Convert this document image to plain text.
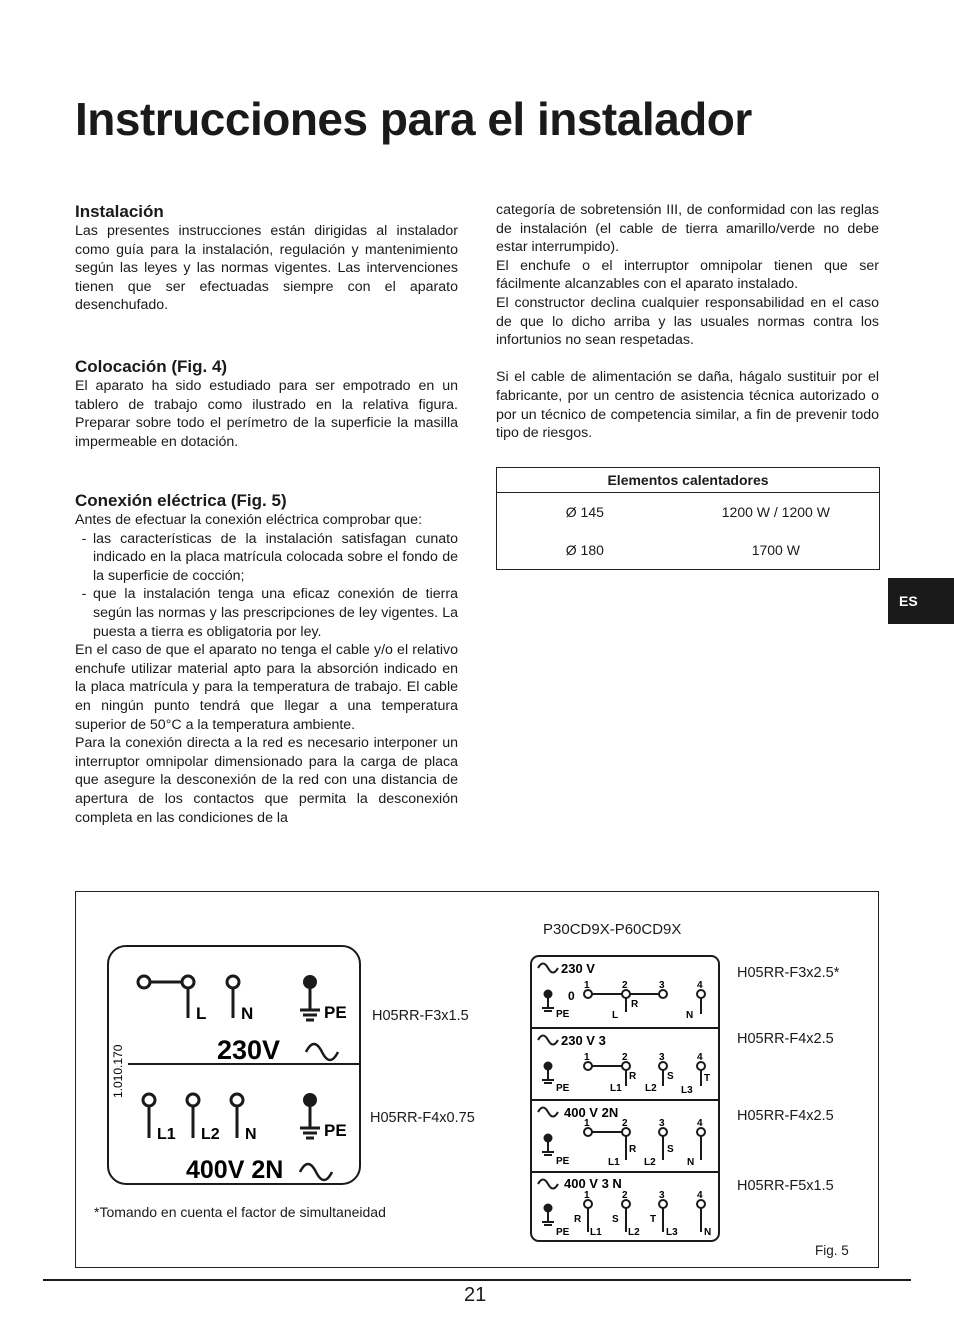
Instrucciones para el instalador
Instalación

Las presentes instrucciones están dirigidas al instalador como guía para la instalación, regulación y mantenimiento según las leyes y las normas vigentes. Las intervenciones tienen que ser efectuadas siempre con el aparato desenchufado.

Colocación (Fig. 4)

El aparato ha sido estudiado para ser empotrado en un tablero de trabajo como ilustrado en la relativa figura. Preparar sobre todo el perímetro de la superficie la masilla impermeable en dotación.

Conexión eléctrica (Fig. 5)

Antes de efectuar la conexión eléctrica comprobar que:

- las características de la instalación satisfagan cunato indicado en la placa matrícula colocada sobre el fondo de la superficie de cocción;
- que la instalación tenga una eficaz conexión de tierra según las normas y las prescripciones de ley vigentes. La puesta a tierra es obligatoria por ley.

En el caso de que el aparato no tenga el cable y/o el relativo enchufe utilizar material apto para la absorción indicado en la placa matrícula y para la temperatura de trabajo. El cable en ningún punto tendrá que llegar a una temperatura superior de 50°C a la temperatura ambiente.

Para la conexión directa a la red es necesario interponer un interruptor omnipolar dimensionado para la carga de placa que asegure la desconexión de la red con una distancia de apertura de los contactos que permita la desconexión completa en las condiciones de la

categoría de sobretensión III, de conformidad con las reglas de instalación (el cable de tierra amarillo/verde no debe estar interrumpido).

El enchufe o el interruptor omnipolar tienen que ser fácilmente alcanzables con el aparato instalado.

El constructor declina cualquier responsabilidad en el caso de que lo dicho arriba y las usuales normas contra los infortunios no sean respetadas.

Si el cable de alimentación se daña, hágalo sustituir por el fabricante, por un centro de asistencia técnica autorizado o por un técnico de competencia similar, a fin de prevenir todo tipo de riesgos.

Elementos calentadores	
Ø 145	1200 W / 1200 W
Ø 180	1700 W
ES
P30CD9X-P60CD9X
L N	PE
230V
L1 L2 N	PE
400V 2N
1.010.170
H05RR-F3x1.5
H05RR-F4x0.75
230 V
0
1	2	3	4
PE	L
R
N
230 V 3
1	2	3	4
PE	L1
R
L2
S
L3
T
400 V 2N
1	2	3	4
PE	L1
R
L2
S
N
400 V 3 N
1	2	3	4
PE
R
L1
S
L2
T
L3	N
H05RR-F3x2.5*
H05RR-F4x2.5
H05RR-F4x2.5
H05RR-F5x1.5
*Tomando en cuenta el factor de simultaneidad
Fig. 5
21
